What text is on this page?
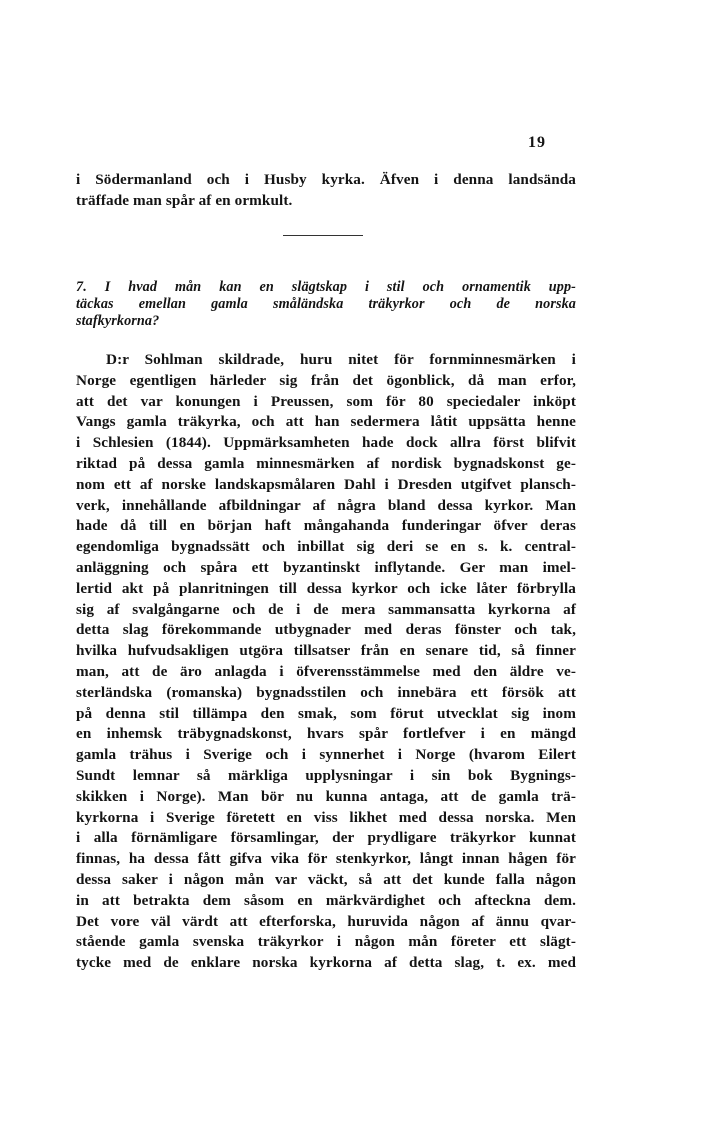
19
i Södermanland och i Husby kyrka. Äfven i denna landsända
träffade man spår af en ormkult.
7. I hvad mån kan en slägtskap i stil och ornamentik upp-
täckas emellan gamla småländska träkyrkor och de norska
stafkyrkorna?
D:r Sohlman skildrade, huru nitet för fornminnesmärken i
Norge egentligen härleder sig från det ögonblick, då man erfor,
att det var konungen i Preussen, som för 80 speciedaler inköpt
Vangs gamla träkyrka, och att han sedermera låtit uppsätta henne
i Schlesien (1844). Uppmärksamheten hade dock allra först blifvit
riktad på dessa gamla minnesmärken af nordisk bygnadskonst ge-
nom ett af norske landskapsmålaren Dahl i Dresden utgifvet plansch-
verk, innehållande afbildningar af några bland dessa kyrkor. Man
hade då till en början haft mångahanda funderingar öfver deras
egendomliga bygnadssätt och inbillat sig deri se en s. k. central-
anläggning och spåra ett byzantinskt inflytande. Ger man imel-
lertid akt på planritningen till dessa kyrkor och icke låter förbrylla
sig af svalgångarne och de i de mera sammansatta kyrkorna af
detta slag förekommande utbygnader med deras fönster och tak,
hvilka hufvudsakligen utgöra tillsatser från en senare tid, så finner
man, att de äro anlagda i öfverensstämmelse med den äldre ve-
sterländska (romanska) bygnadsstilen och innebära ett försök att
på denna stil tillämpa den smak, som förut utvecklat sig inom
en inhemsk träbygnadskonst, hvars spår fortlefver i en mängd
gamla trähus i Sverige och i synnerhet i Norge (hvarom Eilert
Sundt lemnar så märkliga upplysningar i sin bok Bygnings-
skikken i Norge). Man bör nu kunna antaga, att de gamla trä-
kyrkorna i Sverige företett en viss likhet med dessa norska. Men
i alla förnämligare församlingar, der prydligare träkyrkor kunnat
finnas, ha dessa fått gifva vika för stenkyrkor, långt innan hågen för
dessa saker i någon mån var väckt, så att det kunde falla någon
in att betrakta dem såsom en märkvärdighet och afteckna dem.
Det vore väl värdt att efterforska, huruvida någon af ännu qvar-
stående gamla svenska träkyrkor i någon mån företer ett slägt-
tycke med de enklare norska kyrkorna af detta slag, t. ex. med
